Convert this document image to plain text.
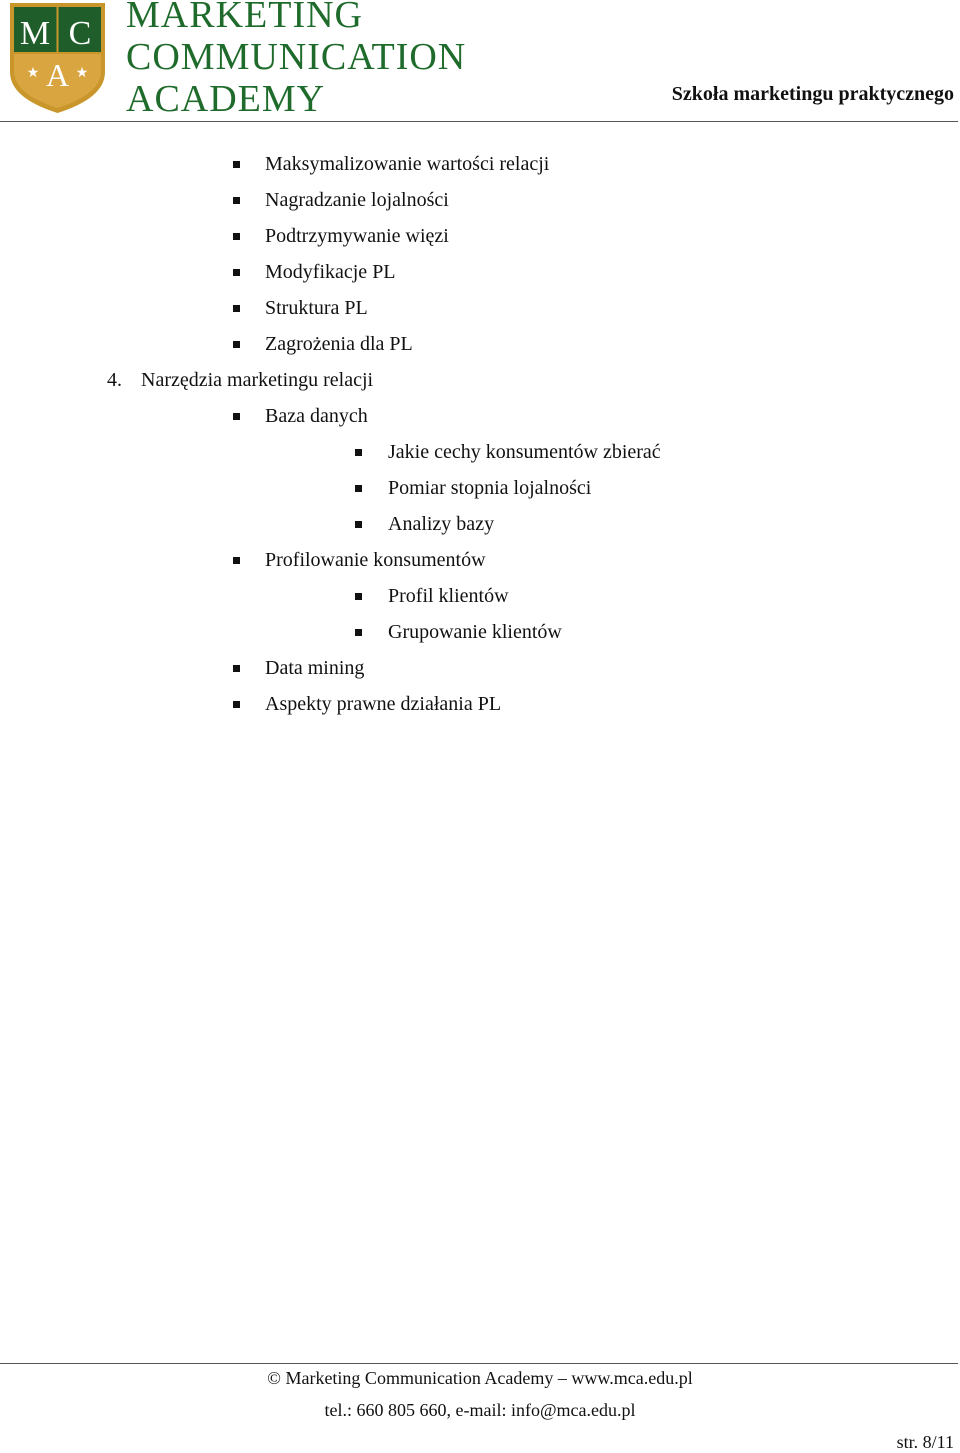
M C
A
★	★
MARKETING
COMMUNICATION
ACADEMY	Szkoła marketingu praktycznego
Maksymalizowanie wartości relacji
Nagradzanie lojalności
Podtrzymywanie więzi
Modyfikacje PL
Struktura PL
Zagrożenia dla PL
4. Narzędzia marketingu relacji
Baza danych
Jakie cechy konsumentów zbierać
Pomiar stopnia lojalności
Analizy bazy
Profilowanie konsumentów
Profil klientów
Grupowanie klientów
Data mining
Aspekty prawne działania PL
© Marketing Communication Academy – www.mca.edu.pl
tel.: 660 805 660, e-mail: info@mca.edu.pl
str. 8/11
